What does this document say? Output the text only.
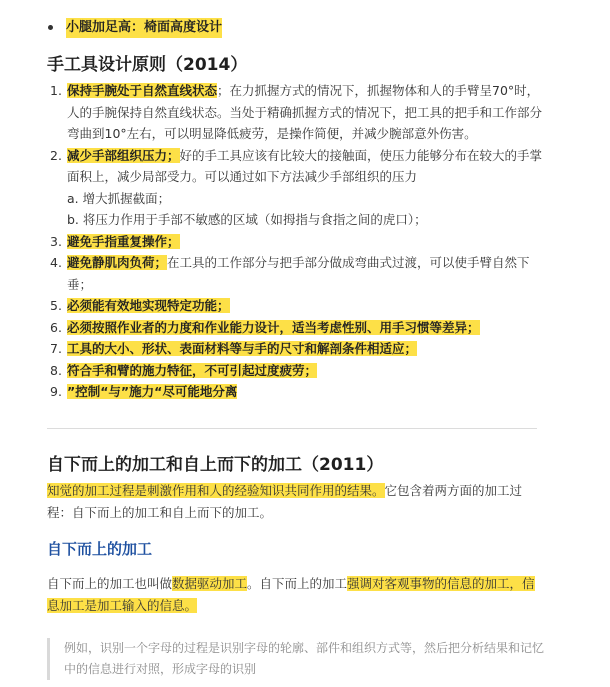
小腿加足高：椅面高度设计
手工具设计原则（2014）
1. 保持手腕处于自然直线状态；在力抓握方式的情况下，抓握物体和人的手臂呈70°时，人的手腕保持自然直线状态。当处于精确抓握方式的情况下，把工具的把手和工作部分弯曲到10°左右，可以明显降低疲劳，是操作简便，并减少腕部意外伤害。
2. 减少手部组织压力；好的手工具应该有比较大的接触面，使压力能够分布在较大的手掌面积上，减少局部受力。可以通过如下方法减少手部组织的压力
a. 增大抓握截面；
b. 将压力作用于手部不敏感的区域（如拇指与食指之间的虎口）；
3. 避免手指重复操作；
4. 避免静肌肉负荷；在工具的工作部分与把手部分做成弯曲式过渡，可以使手臂自然下垂；
5. 必须能有效地实现特定功能；
6. 必须按照作业者的力度和作业能力设计，适当考虑性别、用手习惯等差异；
7. 工具的大小、形状、表面材料等与手的尺寸和解剖条件相适应；
8. 符合手和臂的施力特征，不可引起过度疲劳；
9. ”控制“与”施力“尽可能地分离
自下而上的加工和自上而下的加工（2011）

知觉的加工过程是刺激作用和人的经验知识共同作用的结果。它包含着两方面的加工过程：自下而上的加工和自上而下的加工。

自下而上的加工

自下而上的加工也叫做数据驱动加工。自下而上的加工强调对客观事物的信息的加工，信息加工是加工输入的信息。

例如，识别一个字母的过程是识别字母的轮廓、部件和组织方式等，然后把分析结果和记忆中的信息进行对照，形成字母的识别
